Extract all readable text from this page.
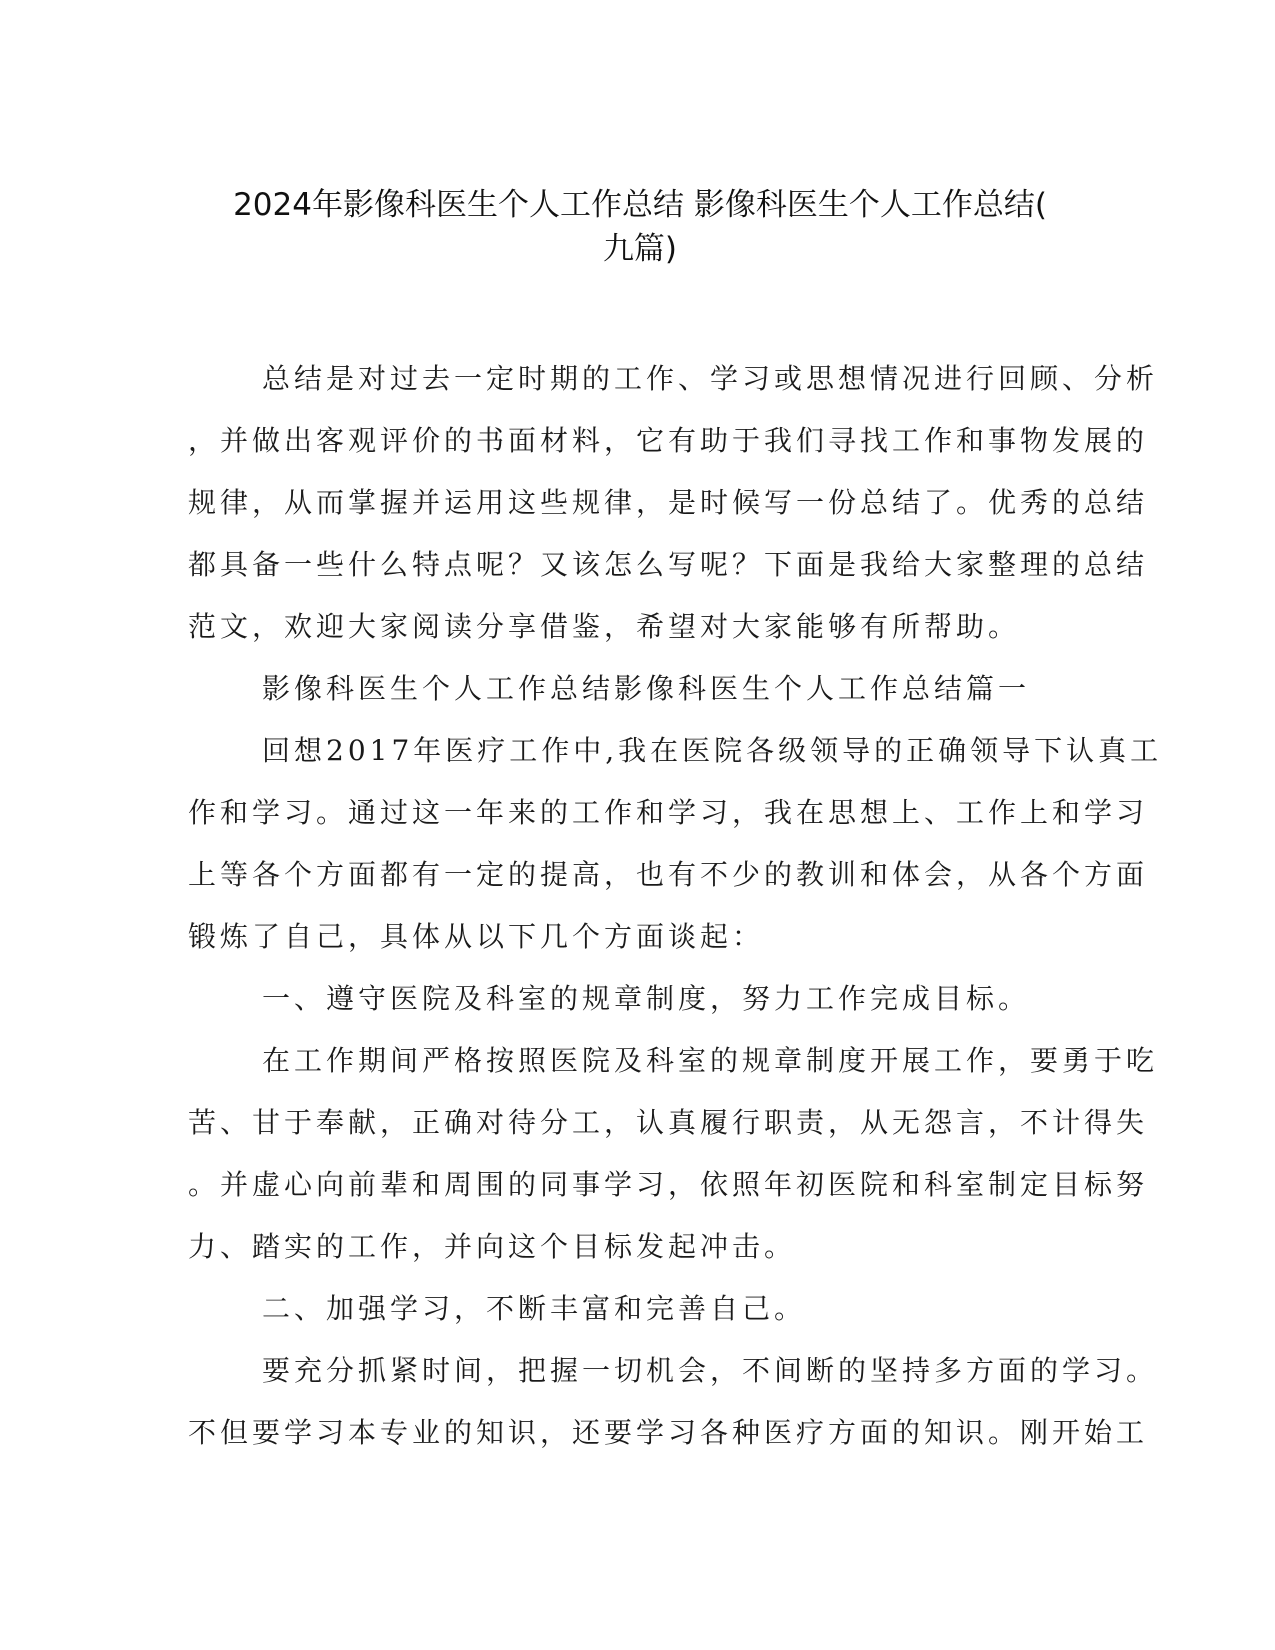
2024年影像科医生个人工作总结 影像科医生个人工作总结(
九篇)
总结是对过去一定时期的工作、学习或思想情况进行回顾、分析
，并做出客观评价的书面材料，它有助于我们寻找工作和事物发展的
规律，从而掌握并运用这些规律，是时候写一份总结了。优秀的总结
都具备一些什么特点呢？又该怎么写呢？下面是我给大家整理的总结
范文，欢迎大家阅读分享借鉴，希望对大家能够有所帮助。
影像科医生个人工作总结影像科医生个人工作总结篇一
回想2017年医疗工作中,我在医院各级领导的正确领导下认真工
作和学习。通过这一年来的工作和学习，我在思想上、工作上和学习
上等各个方面都有一定的提高，也有不少的教训和体会，从各个方面
锻炼了自己，具体从以下几个方面谈起：
一、遵守医院及科室的规章制度，努力工作完成目标。
在工作期间严格按照医院及科室的规章制度开展工作，要勇于吃
苦、甘于奉献，正确对待分工，认真履行职责，从无怨言，不计得失
。并虚心向前辈和周围的同事学习，依照年初医院和科室制定目标努
力、踏实的工作，并向这个目标发起冲击。
二、加强学习，不断丰富和完善自己。
要充分抓紧时间，把握一切机会，不间断的坚持多方面的学习。
不但要学习本专业的知识，还要学习各种医疗方面的知识。刚开始工
